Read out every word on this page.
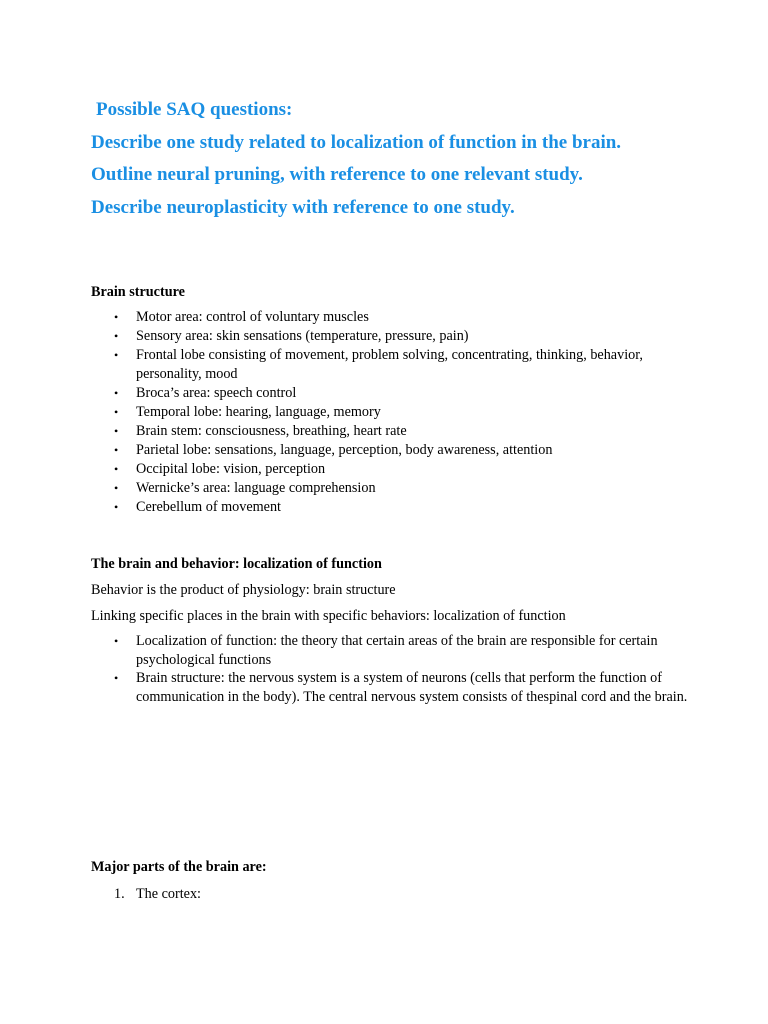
Possible SAQ questions:

Describe one study related to localization of function in the brain.

Outline neural pruning, with reference to one relevant study.

Describe neuroplasticity with reference to one study.

Brain structure

• Motor area: control of voluntary muscles
• Sensory area: skin sensations (temperature, pressure, pain)
• Frontal lobe consisting of movement, problem solving, concentrating, thinking, behavior, personality, mood
• Broca’s area: speech control
• Temporal lobe: hearing, language, memory
• Brain stem: consciousness, breathing, heart rate
• Parietal lobe: sensations, language, perception, body awareness, attention
• Occipital lobe: vision, perception
• Wernicke’s area: language comprehension
• Cerebellum of movement

The brain and behavior: localization of function

Behavior is the product of physiology: brain structure

Linking specific places in the brain with specific behaviors: localization of function

• Localization of function: the theory that certain areas of the brain are responsible for certain psychological functions
• Brain structure: the nervous system is a system of neurons (cells that perform the function of communication in the body). The central nervous system consists of thespinal cord and the brain.

Major parts of the brain are:

1. The cortex:
